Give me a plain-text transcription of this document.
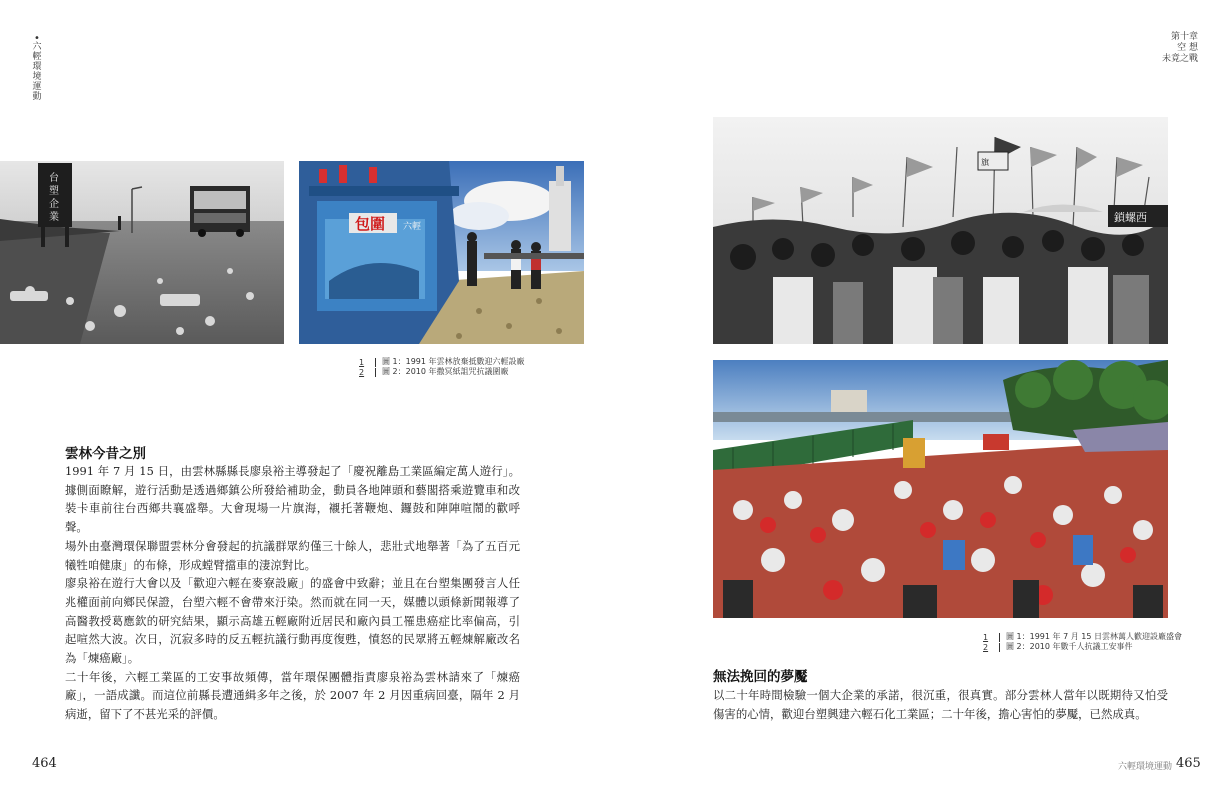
•
六輕環境運動
第十章
空 想
未竟之戰
台
塑
企
業	包圍 六輕
1	圖 1：1991 年雲林放棄抵數迎六輕設廠
2	圖 2：2010 年撒冥紙詛咒抗議圍廠
雲林今昔之別

1991 年 7 月 15 日，由雲林縣縣長廖泉裕主導發起了「慶祝離島工業區編定萬人遊行」。據側面瞭解，遊行活動是透過鄉鎮公所發給補助金，動員各地陣頭和藝閣搭乘遊覽車和改裝卡車前往台西鄉共襄盛舉。大會現場一片旗海，襯托著鞭炮、鑼鼓和陣陣喧鬧的歡呼聲。

場外由臺灣環保聯盟雲林分會發起的抗議群眾約僅三十餘人，悲壯式地舉著「為了五百元犧牲咱健康」的布條，形成螳臂擋車的淒涼對比。

廖泉裕在遊行大會以及「歡迎六輕在麥寮設廠」的盛會中致辭；並且在台塑集團發言人任兆權面前向鄉民保證，台塑六輕不會帶來汙染。然而就在同一天，媒體以頭條新聞報導了高醫教授葛應欽的研究結果，顯示高雄五輕廠附近居民和廠內員工罹患癌症比率偏高，引起喧然大波。次日，沉寂多時的反五輕抗議行動再度復甦，憤怒的民眾將五輕煉解廠改名為「煉癌廠」。

二十年後，六輕工業區的工安事故頻傳，當年環保團體指責廖泉裕為雲林請來了「煉癌廠」，一語成讖。而這位前縣長遭通緝多年之後，於 2007 年 2 月因重病回臺，隔年 2 月病逝，留下了不甚光采的評價。

464
鎖螺西
旗
1	圖 1：1991 年 7 月 15 日雲林萬人歡迎設廠盛會
2	圖 2：2010 年數千人抗議工安事件
無法挽回的夢魘

以二十年時間檢驗一個大企業的承諾，很沉重，很真實。部分雲林人當年以既期待又怕受傷害的心情，歡迎台塑興建六輕石化工業區；二十年後，擔心害怕的夢魘，已然成真。

六輕環境運動 465
